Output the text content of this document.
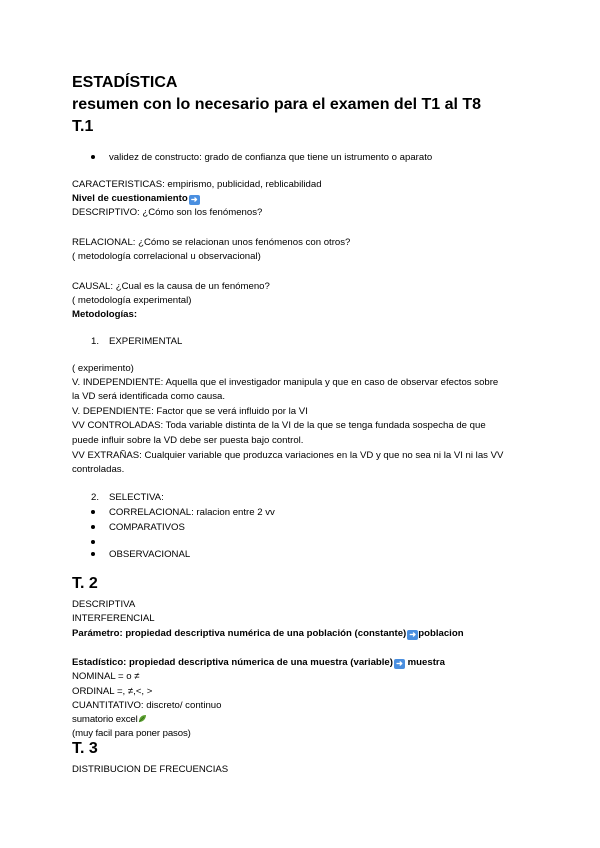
ESTADÍSTICA
resumen con lo necesario para el examen del T1 al T8
T.1
validez de constructo: grado de confianza que tiene un istrumento o aparato
CARACTERISTICAS: empirismo, publicidad, reblicabilidad
Nivel de cuestionamiento ➜
DESCRIPTIVO: ¿Cómo son los fenómenos?
RELACIONAL: ¿Cómo se relacionan unos fenómenos con otros?
( metodología correlacional u observacional)
CAUSAL: ¿Cual es la causa de un fenómeno?
( metodología experimental)
Metodologías:
1. EXPERIMENTAL
( experimento)
V. INDEPENDIENTE: Aquella que el investigador manipula y que en caso de observar efectos sobre
la VD será identificada como causa.
V. DEPENDIENTE: Factor que se verá influido por la VI
VV CONTROLADAS: Toda variable distinta de la VI de la que se tenga fundada sospecha de que
puede influir sobre la VD debe ser puesta bajo control.
VV EXTRAÑAS: Cualquier variable que produzca variaciones en la VD y que no sea ni la VI ni las VV
controladas.
2. SELECTIVA:
CORRELACIONAL: ralacion entre 2 vv
COMPARATIVOS
OBSERVACIONAL
T. 2
DESCRIPTIVA
INTERFERENCIAL
Parámetro: propiedad descriptiva numérica de una población (constante) ➜ poblacion
Estadístico: propiedad descriptiva númerica de una muestra (variable) ➜ muestra
NOMINAL = o ≠
ORDINAL =, ≠,<, >
CUANTITATIVO: discreto/ continuo
sumatorio excel
(muy facil para poner pasos)
T. 3
DISTRIBUCION DE FRECUENCIAS
